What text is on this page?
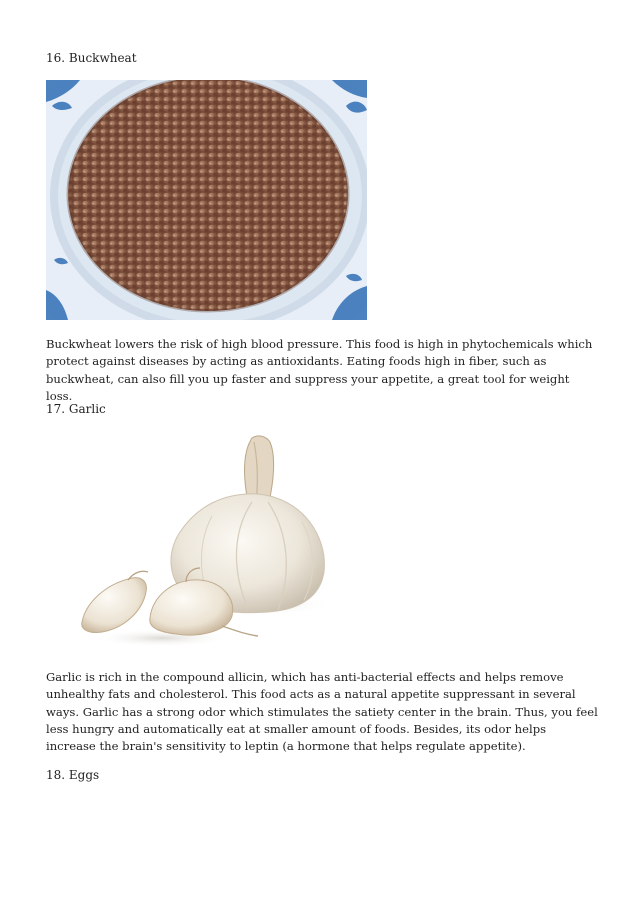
16. Buckwheat

Buckwheat lowers the risk of high blood pressure. This food is high in phytochemicals which protect against diseases by acting as antioxidants. Eating foods high in fiber, such as buckwheat, can also fill you up faster and suppress your appetite, a great tool for weight loss.

17. Garlic

Garlic is rich in the compound allicin, which has anti-bacterial effects and helps remove unhealthy fats and cholesterol. This food acts as a natural appetite suppressant in several ways. Garlic has a strong odor which stimulates the satiety center in the brain. Thus, you feel less hungry and automatically eat at smaller amount of foods. Besides, its odor helps increase the brain's sensitivity to leptin (a hormone that helps regulate appetite).

18. Eggs
